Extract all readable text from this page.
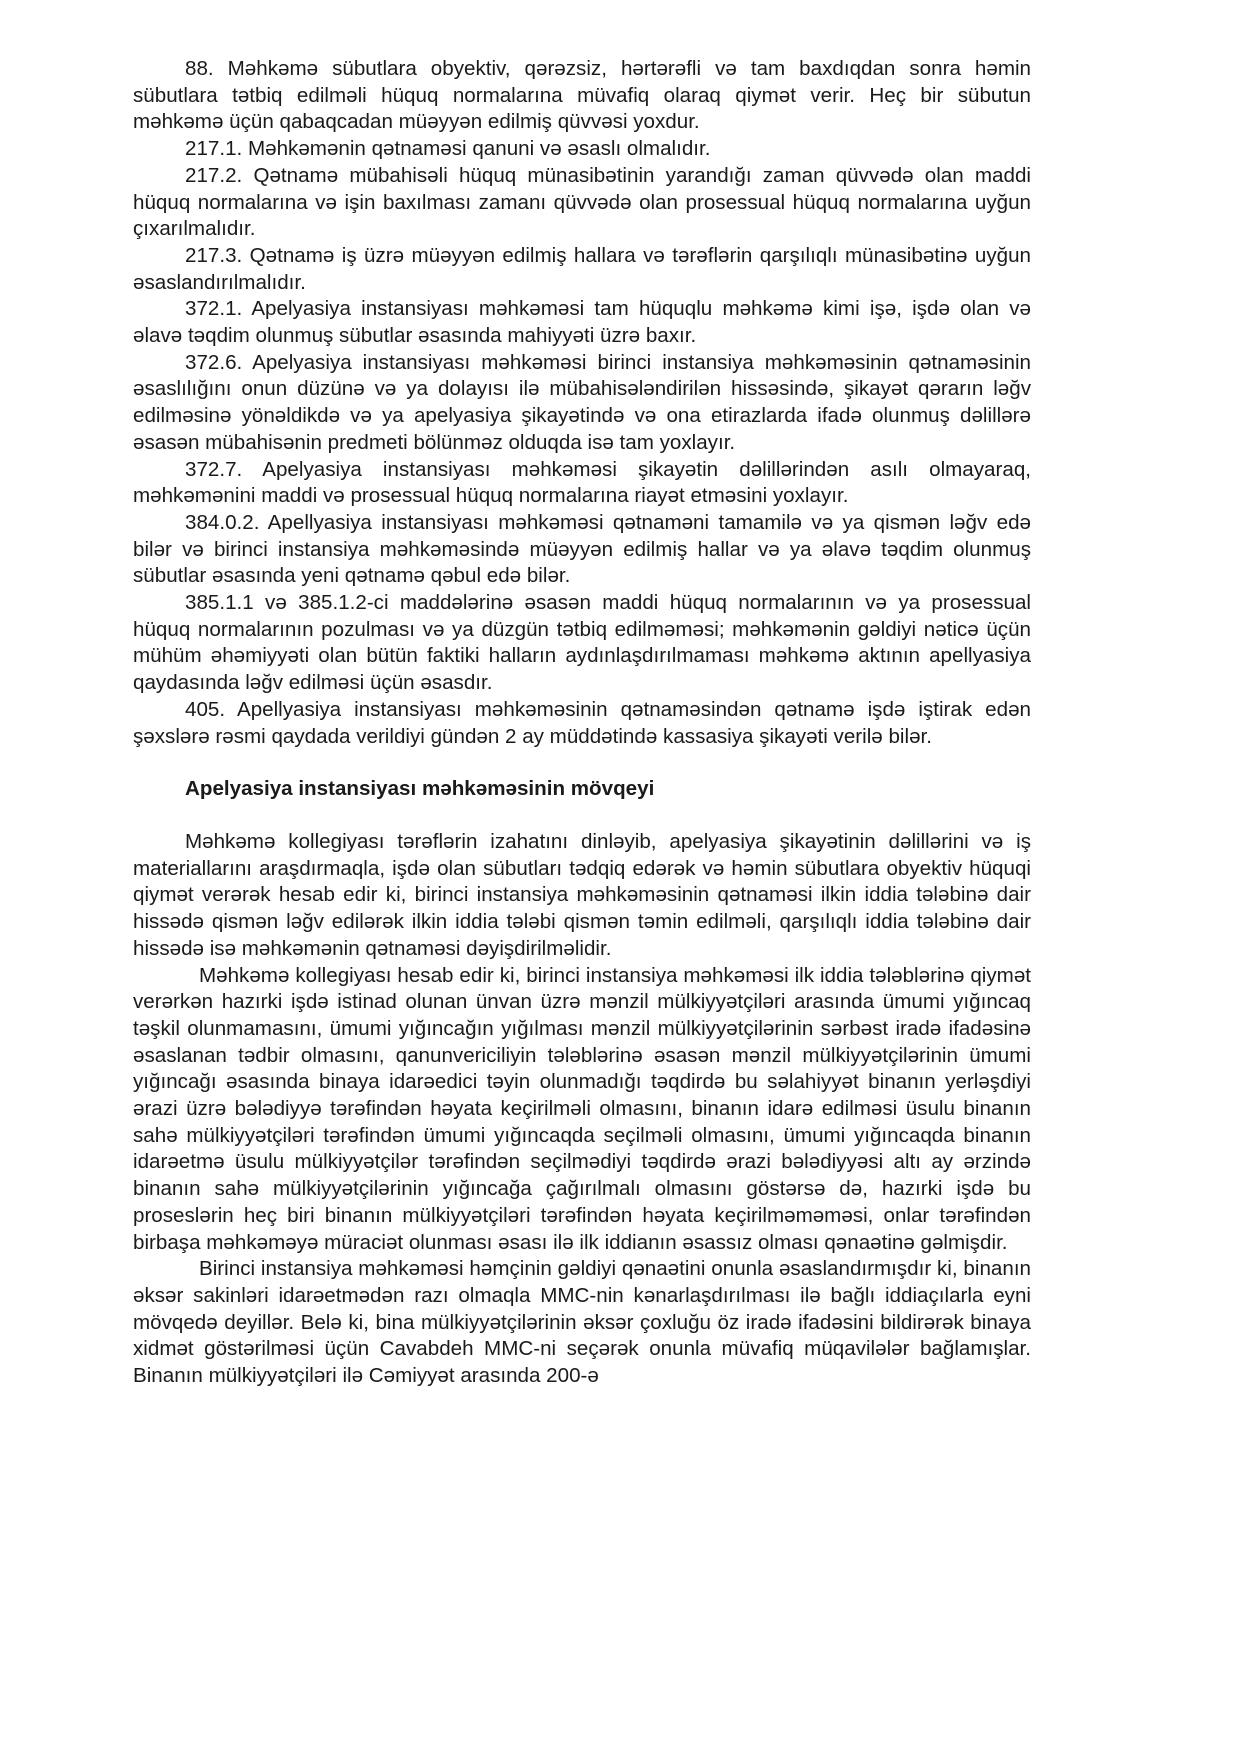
88. Məhkəmə sübutlara obyektiv, qərəzsiz, hərtərəfli və tam baxdıqdan sonra həmin sübutlara tətbiq edilməli hüquq normalarına müvafiq olaraq qiymət verir. Heç bir sübutun məhkəmə üçün qabaqcadan müəyyən edilmiş qüvvəsi yoxdur.

217.1. Məhkəmənin qətnaməsi qanuni və əsaslı olmalıdır.

217.2. Qətnamə mübahisəli hüquq münasibətinin yarandığı zaman qüvvədə olan maddi hüquq normalarına və işin baxılması zamanı qüvvədə olan prosessual hüquq normalarına uyğun çıxarılmalıdır.

217.3. Qətnamə iş üzrə müəyyən edilmiş hallara və tərəflərin qarşılıqlı münasibətinə uyğun əsaslandırılmalıdır.

372.1. Apelyasiya instansiyası məhkəməsi tam hüquqlu məhkəmə kimi işə, işdə olan və əlavə təqdim olunmuş sübutlar əsasında mahiyyəti üzrə baxır.

372.6. Apelyasiya instansiyası məhkəməsi birinci instansiya məhkəməsinin qətnaməsinin əsaslılığını onun düzünə və ya dolayısı ilə mübahisələndirilən hissəsində, şikayət qərarın ləğv edilməsinə yönəldikdə və ya apelyasiya şikayətində və ona etirazlarda ifadə olunmuş dəlillərə əsasən mübahisənin predmeti bölünməz olduqda isə tam yoxlayır.

372.7. Apelyasiya instansiyası məhkəməsi şikayətin dəlillərindən asılı olmayaraq, məhkəmənini maddi və prosessual hüquq normalarına riayət etməsini yoxlayır.

384.0.2. Apellyasiya instansiyası məhkəməsi qətnaməni tamamilə və ya qismən ləğv edə bilər və birinci instansiya məhkəməsində müəyyən edilmiş hallar və ya əlavə təqdim olunmuş sübutlar əsasında yeni qətnamə qəbul edə bilər.

385.1.1 və 385.1.2-ci maddələrinə əsasən maddi hüquq normalarının və ya prosessual hüquq normalarının pozulması və ya düzgün tətbiq edilməməsi; məhkəmənin gəldiyi nəticə üçün mühüm əhəmiyyəti olan bütün faktiki halların aydınlaşdırılmaması məhkəmə aktının apellyasiya qaydasında ləğv edilməsi üçün əsasdır.

405. Apellyasiya instansiyası məhkəməsinin qətnaməsindən qətnamə işdə iştirak edən şəxslərə rəsmi qaydada verildiyi gündən 2 ay müddətində kassasiya şikayəti verilə bilər.

Apelyasiya instansiyası məhkəməsinin mövqeyi

Məhkəmə kollegiyası tərəflərin izahatını dinləyib, apelyasiya şikayətinin dəlillərini və iş materiallarını araşdırmaqla, işdə olan sübutları tədqiq edərək və həmin sübutlara obyektiv hüquqi qiymət verərək hesab edir ki, birinci instansiya məhkəməsinin qətnaməsi ilkin iddia tələbinə dair hissədə qismən ləğv edilərək ilkin iddia tələbi qismən təmin edilməli, qarşılıqlı iddia tələbinə dair hissədə isə məhkəmənin qətnaməsi dəyişdirilməlidir.

Məhkəmə kollegiyası hesab edir ki, birinci instansiya məhkəməsi ilk iddia tələblərinə qiymət verərkən hazırki işdə istinad olunan ünvan üzrə mənzil mülkiyyətçiləri arasında ümumi yığıncaq təşkil olunmamasını, ümumi yığıncağın yığılması mənzil mülkiyyətçilərinin sərbəst iradə ifadəsinə əsaslanan tədbir olmasını, qanunvericiliyin tələblərinə əsasən mənzil mülkiyyətçilərinin ümumi yığıncağı əsasında binaya idarəedici təyin olunmadığı təqdirdə bu səlahiyyət binanın yerləşdiyi ərazi üzrə bələdiyyə tərəfindən həyata keçirilməli olmasını, binanın idarə edilməsi üsulu binanın sahə mülkiyyətçiləri tərəfindən ümumi yığıncaqda seçilməli olmasını, ümumi yığıncaqda binanın idarəetmə üsulu mülkiyyətçilər tərəfindən seçilmədiyi təqdirdə ərazi bələdiyyəsi altı ay ərzində binanın sahə mülkiyyətçilərinin yığıncağa çağırılmalı olmasını göstərsə də, hazırki işdə bu proseslərin heç biri binanın mülkiyyətçiləri tərəfindən həyata keçirilməməməsi, onlar tərəfindən birbaşa məhkəməyə müraciət olunması əsası ilə ilk iddianın əsassız olması qənaətinə gəlmişdir.

Birinci instansiya məhkəməsi həmçinin gəldiyi qənaətini onunla əsaslandırmışdır ki, binanın əksər sakinləri idarəetmədən razı olmaqla MMC-nin kənarlaşdırılması ilə bağlı iddiaçılarla eyni mövqedə deyillər. Belə ki, bina mülkiyyətçilərinin əksər çoxluğu öz iradə ifadəsini bildirərək binaya xidmət göstərilməsi üçün Cavabdeh MMC-ni seçərək onunla müvafiq müqavilələr bağlamışlar. Binanın mülkiyyətçiləri ilə Cəmiyyət arasında 200-ə
